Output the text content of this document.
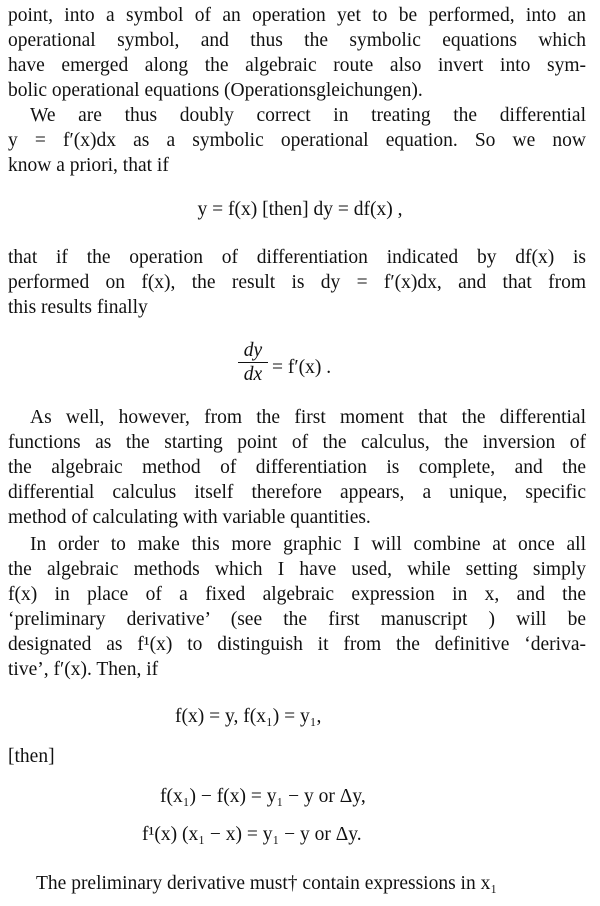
point, into a symbol of an operation yet to be performed, into an
operational symbol, and thus the symbolic equations which
have emerged along the algebraic route also invert into sym-
bolic operational equations (Operationsgleichungen).
We are thus doubly correct in treating the differential
y = f′(x)dx as a symbolic operational equation. So we now
know a priori, that if
y = f(x) [then] dy = df(x) ,
that if the operation of differentiation indicated by df(x) is
performed on f(x), the result is dy = f′(x)dx, and that from
this results finally
$\frac{dy}{dx} = f'(x)$ .
As well, however, from the first moment that the differential
functions as the starting point of the calculus, the inversion of
the algebraic method of differentiation is complete, and the
differential calculus itself therefore appears, a unique, specific
method of calculating with variable quantities.
In order to make this more graphic I will combine at once all
the algebraic methods which I have used, while setting simply
f(x) in place of a fixed algebraic expression in x, and the
‘preliminary derivative’ (see the first manuscript ) will be
designated as f¹(x) to distinguish it from the definitive ‘deriva-
tive’, f′(x). Then, if
f(x) = y, f(x₁) = y₁,
[then]
f(x₁) − f(x) = y₁ − y or Δy,
f¹(x) (x₁ − x) = y₁ − y or Δy.
The preliminary derivative must† contain expressions in x₁
